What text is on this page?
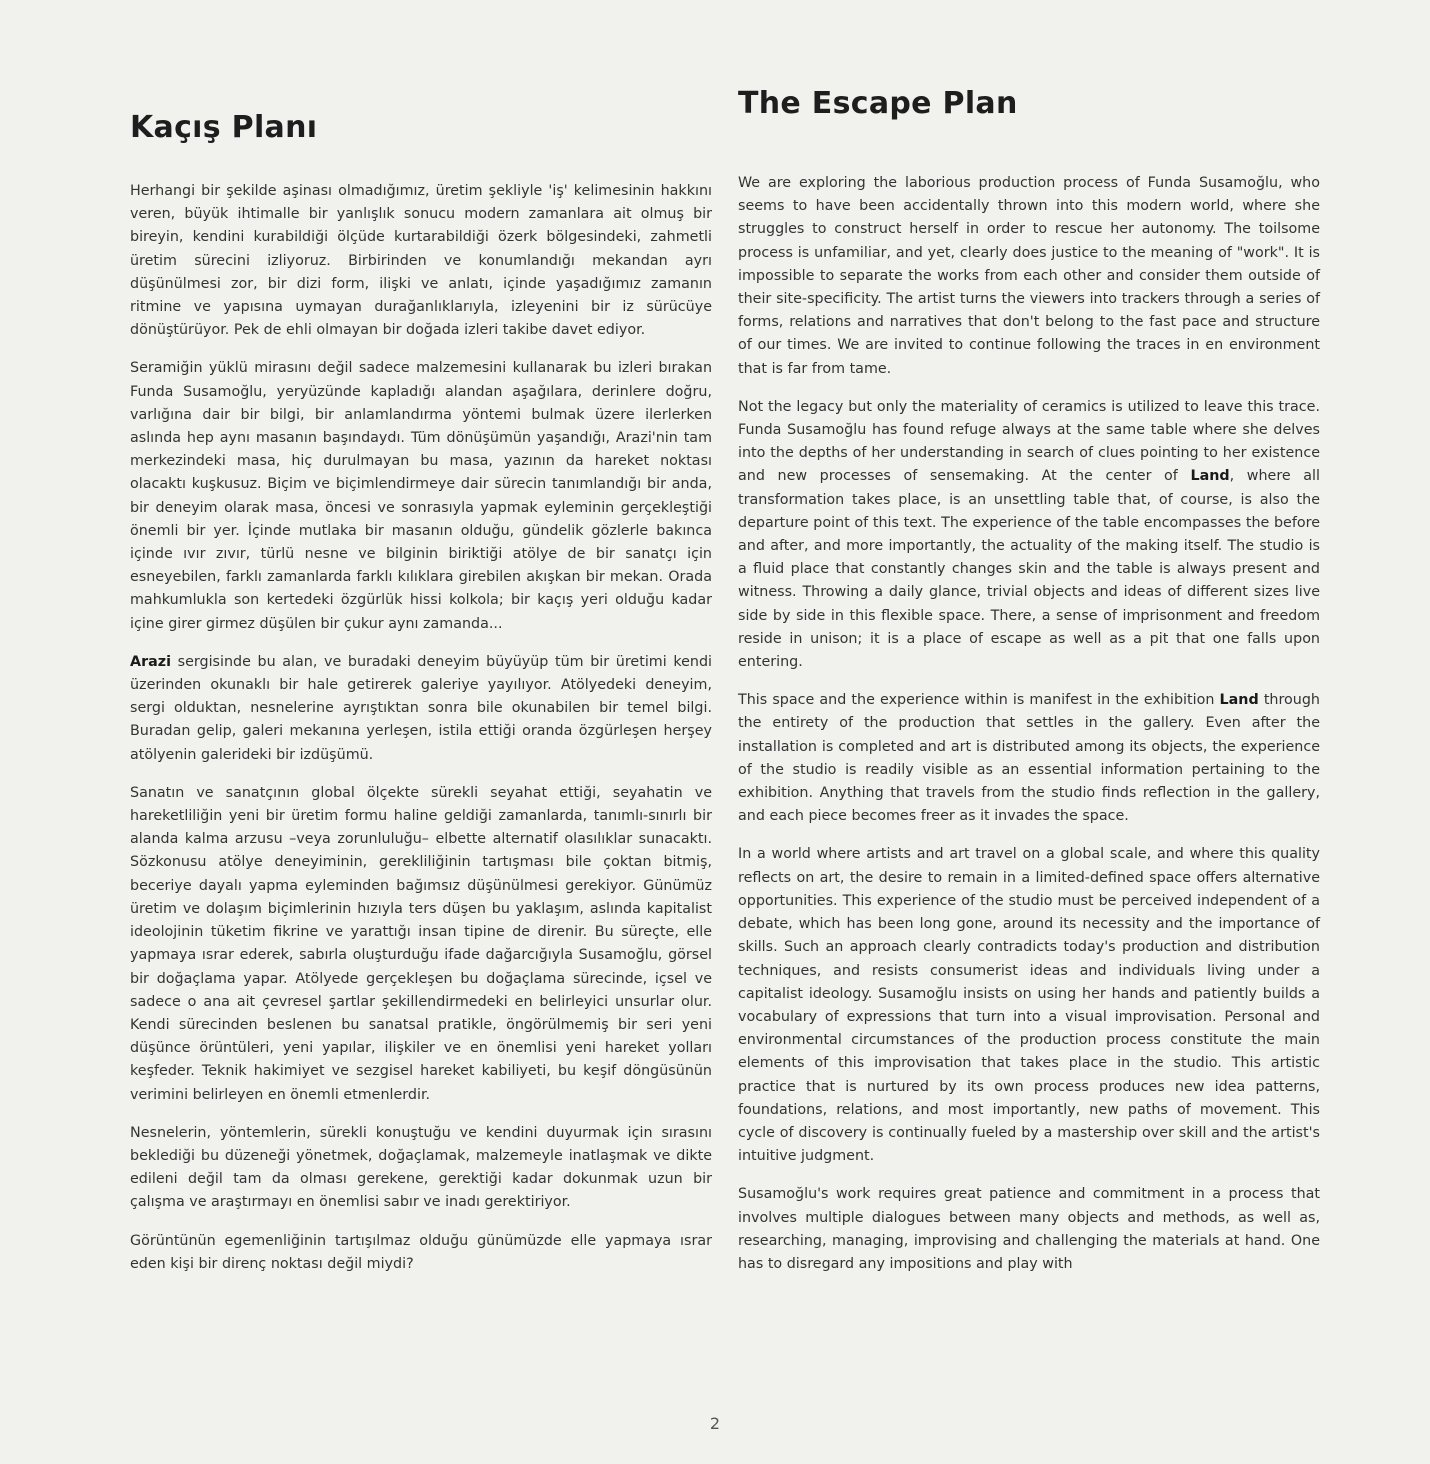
Kaçış Planı

Herhangi bir şekilde aşinası olmadığımız, üretim şekliyle 'iş' kelimesinin hakkını veren, büyük ihtimalle bir yanlışlık sonucu modern zamanlara ait olmuş bir bireyin, kendini kurabildiği ölçüde kurtarabildiği özerk bölgesindeki, zahmetli üretim sürecini izliyoruz. Birbirinden ve konumlandığı mekandan ayrı düşünülmesi zor, bir dizi form, ilişki ve anlatı, içinde yaşadığımız zamanın ritmine ve yapısına uymayan durağanlıklarıyla, izleyenini bir iz sürücüye dönüştürüyor. Pek de ehli olmayan bir doğada izleri takibe davet ediyor.

Seramiğin yüklü mirasını değil sadece malzemesini kullanarak bu izleri bırakan Funda Susamoğlu, yeryüzünde kapladığı alandan aşağılara, derinlere doğru, varlığına dair bir bilgi, bir anlamlandırma yöntemi bulmak üzere ilerlerken aslında hep aynı masanın başındaydı. Tüm dönüşümün yaşandığı, Arazi'nin tam merkezindeki masa, hiç durulmayan bu masa, yazının da hareket noktası olacaktı kuşkusuz. Biçim ve biçimlendirmeye dair sürecin tanımlandığı bir anda, bir deneyim olarak masa, öncesi ve sonrasıyla yapmak eyleminin gerçekleştiği önemli bir yer. İçinde mutlaka bir masanın olduğu, gündelik gözlerle bakınca içinde ıvır zıvır, türlü nesne ve bilginin biriktiği atölye de bir sanatçı için esneyebilen, farklı zamanlarda farklı kılıklara girebilen akışkan bir mekan. Orada mahkumlukla son kertedeki özgürlük hissi kolkola; bir kaçış yeri olduğu kadar içine girer girmez düşülen bir çukur aynı zamanda...

Arazi sergisinde bu alan, ve buradaki deneyim büyüyüp tüm bir üretimi kendi üzerinden okunaklı bir hale getirerek galeriye yayılıyor. Atölyedeki deneyim, sergi olduktan, nesnelerine ayrıştıktan sonra bile okunabilen bir temel bilgi. Buradan gelip, galeri mekanına yerleşen, istila ettiği oranda özgürleşen herşey atölyenin galerideki bir izdüşümü.

Sanatın ve sanatçının global ölçekte sürekli seyahat ettiği, seyahatin ve hareketliliğin yeni bir üretim formu haline geldiği zamanlarda, tanımlı-sınırlı bir alanda kalma arzusu –veya zorunluluğu– elbette alternatif olasılıklar sunacaktı. Sözkonusu atölye deneyiminin, gerekliliğinin tartışması bile çoktan bitmiş, beceriye dayalı yapma eyleminden bağımsız düşünülmesi gerekiyor. Günümüz üretim ve dolaşım biçimlerinin hızıyla ters düşen bu yaklaşım, aslında kapitalist ideolojinin tüketim fikrine ve yarattığı insan tipine de direnir. Bu süreçte, elle yapmaya ısrar ederek, sabırla oluşturduğu ifade dağarcığıyla Susamoğlu, görsel bir doğaçlama yapar. Atölyede gerçekleşen bu doğaçlama sürecinde, içsel ve sadece o ana ait çevresel şartlar şekillendirmedeki en belirleyici unsurlar olur. Kendi sürecinden beslenen bu sanatsal pratikle, öngörülmemiş bir seri yeni düşünce örüntüleri, yeni yapılar, ilişkiler ve en önemlisi yeni hareket yolları keşfeder. Teknik hakimiyet ve sezgisel hareket kabiliyeti, bu keşif döngüsünün verimini belirleyen en önemli etmenlerdir.

Nesnelerin, yöntemlerin, sürekli konuştuğu ve kendini duyurmak için sırasını beklediği bu düzeneği yönetmek, doğaçlamak, malzemeyle inatlaşmak ve dikte edileni değil tam da olması gerekene, gerektiği kadar dokunmak uzun bir çalışma ve araştırmayı en önemlisi sabır ve inadı gerektiriyor.

Görüntünün egemenliğinin tartışılmaz olduğu günümüzde elle yapmaya ısrar eden kişi bir direnç noktası değil miydi?

The Escape Plan

We are exploring the laborious production process of Funda Susamoğlu, who seems to have been accidentally thrown into this modern world, where she struggles to construct herself in order to rescue her autonomy. The toilsome process is unfamiliar, and yet, clearly does justice to the meaning of "work". It is impossible to separate the works from each other and consider them outside of their site-specificity. The artist turns the viewers into trackers through a series of forms, relations and narratives that don't belong to the fast pace and structure of our times. We are invited to continue following the traces in en environment that is far from tame.

Not the legacy but only the materiality of ceramics is utilized to leave this trace. Funda Susamoğlu has found refuge always at the same table where she delves into the depths of her understanding in search of clues pointing to her existence and new processes of sensemaking. At the center of Land, where all transformation takes place, is an unsettling table that, of course, is also the departure point of this text. The experience of the table encompasses the before and after, and more importantly, the actuality of the making itself. The studio is a fluid place that constantly changes skin and the table is always present and witness. Throwing a daily glance, trivial objects and ideas of different sizes live side by side in this flexible space. There, a sense of imprisonment and freedom reside in unison; it is a place of escape as well as a pit that one falls upon entering.

This space and the experience within is manifest in the exhibition Land through the entirety of the production that settles in the gallery. Even after the installation is completed and art is distributed among its objects, the experience of the studio is readily visible as an essential information pertaining to the exhibition. Anything that travels from the studio finds reflection in the gallery, and each piece becomes freer as it invades the space.

In a world where artists and art travel on a global scale, and where this quality reflects on art, the desire to remain in a limited-defined space offers alternative opportunities. This experience of the studio must be perceived independent of a debate, which has been long gone, around its necessity and the importance of skills. Such an approach clearly contradicts today's production and distribution techniques, and resists consumerist ideas and individuals living under a capitalist ideology. Susamoğlu insists on using her hands and patiently builds a vocabulary of expressions that turn into a visual improvisation. Personal and environmental circumstances of the production process constitute the main elements of this improvisation that takes place in the studio. This artistic practice that is nurtured by its own process produces new idea patterns, foundations, relations, and most importantly, new paths of movement. This cycle of discovery is continually fueled by a mastership over skill and the artist's intuitive judgment.

Susamoğlu's work requires great patience and commitment in a process that involves multiple dialogues between many objects and methods, as well as, researching, managing, improvising and challenging the materials at hand. One has to disregard any impositions and play with

2
